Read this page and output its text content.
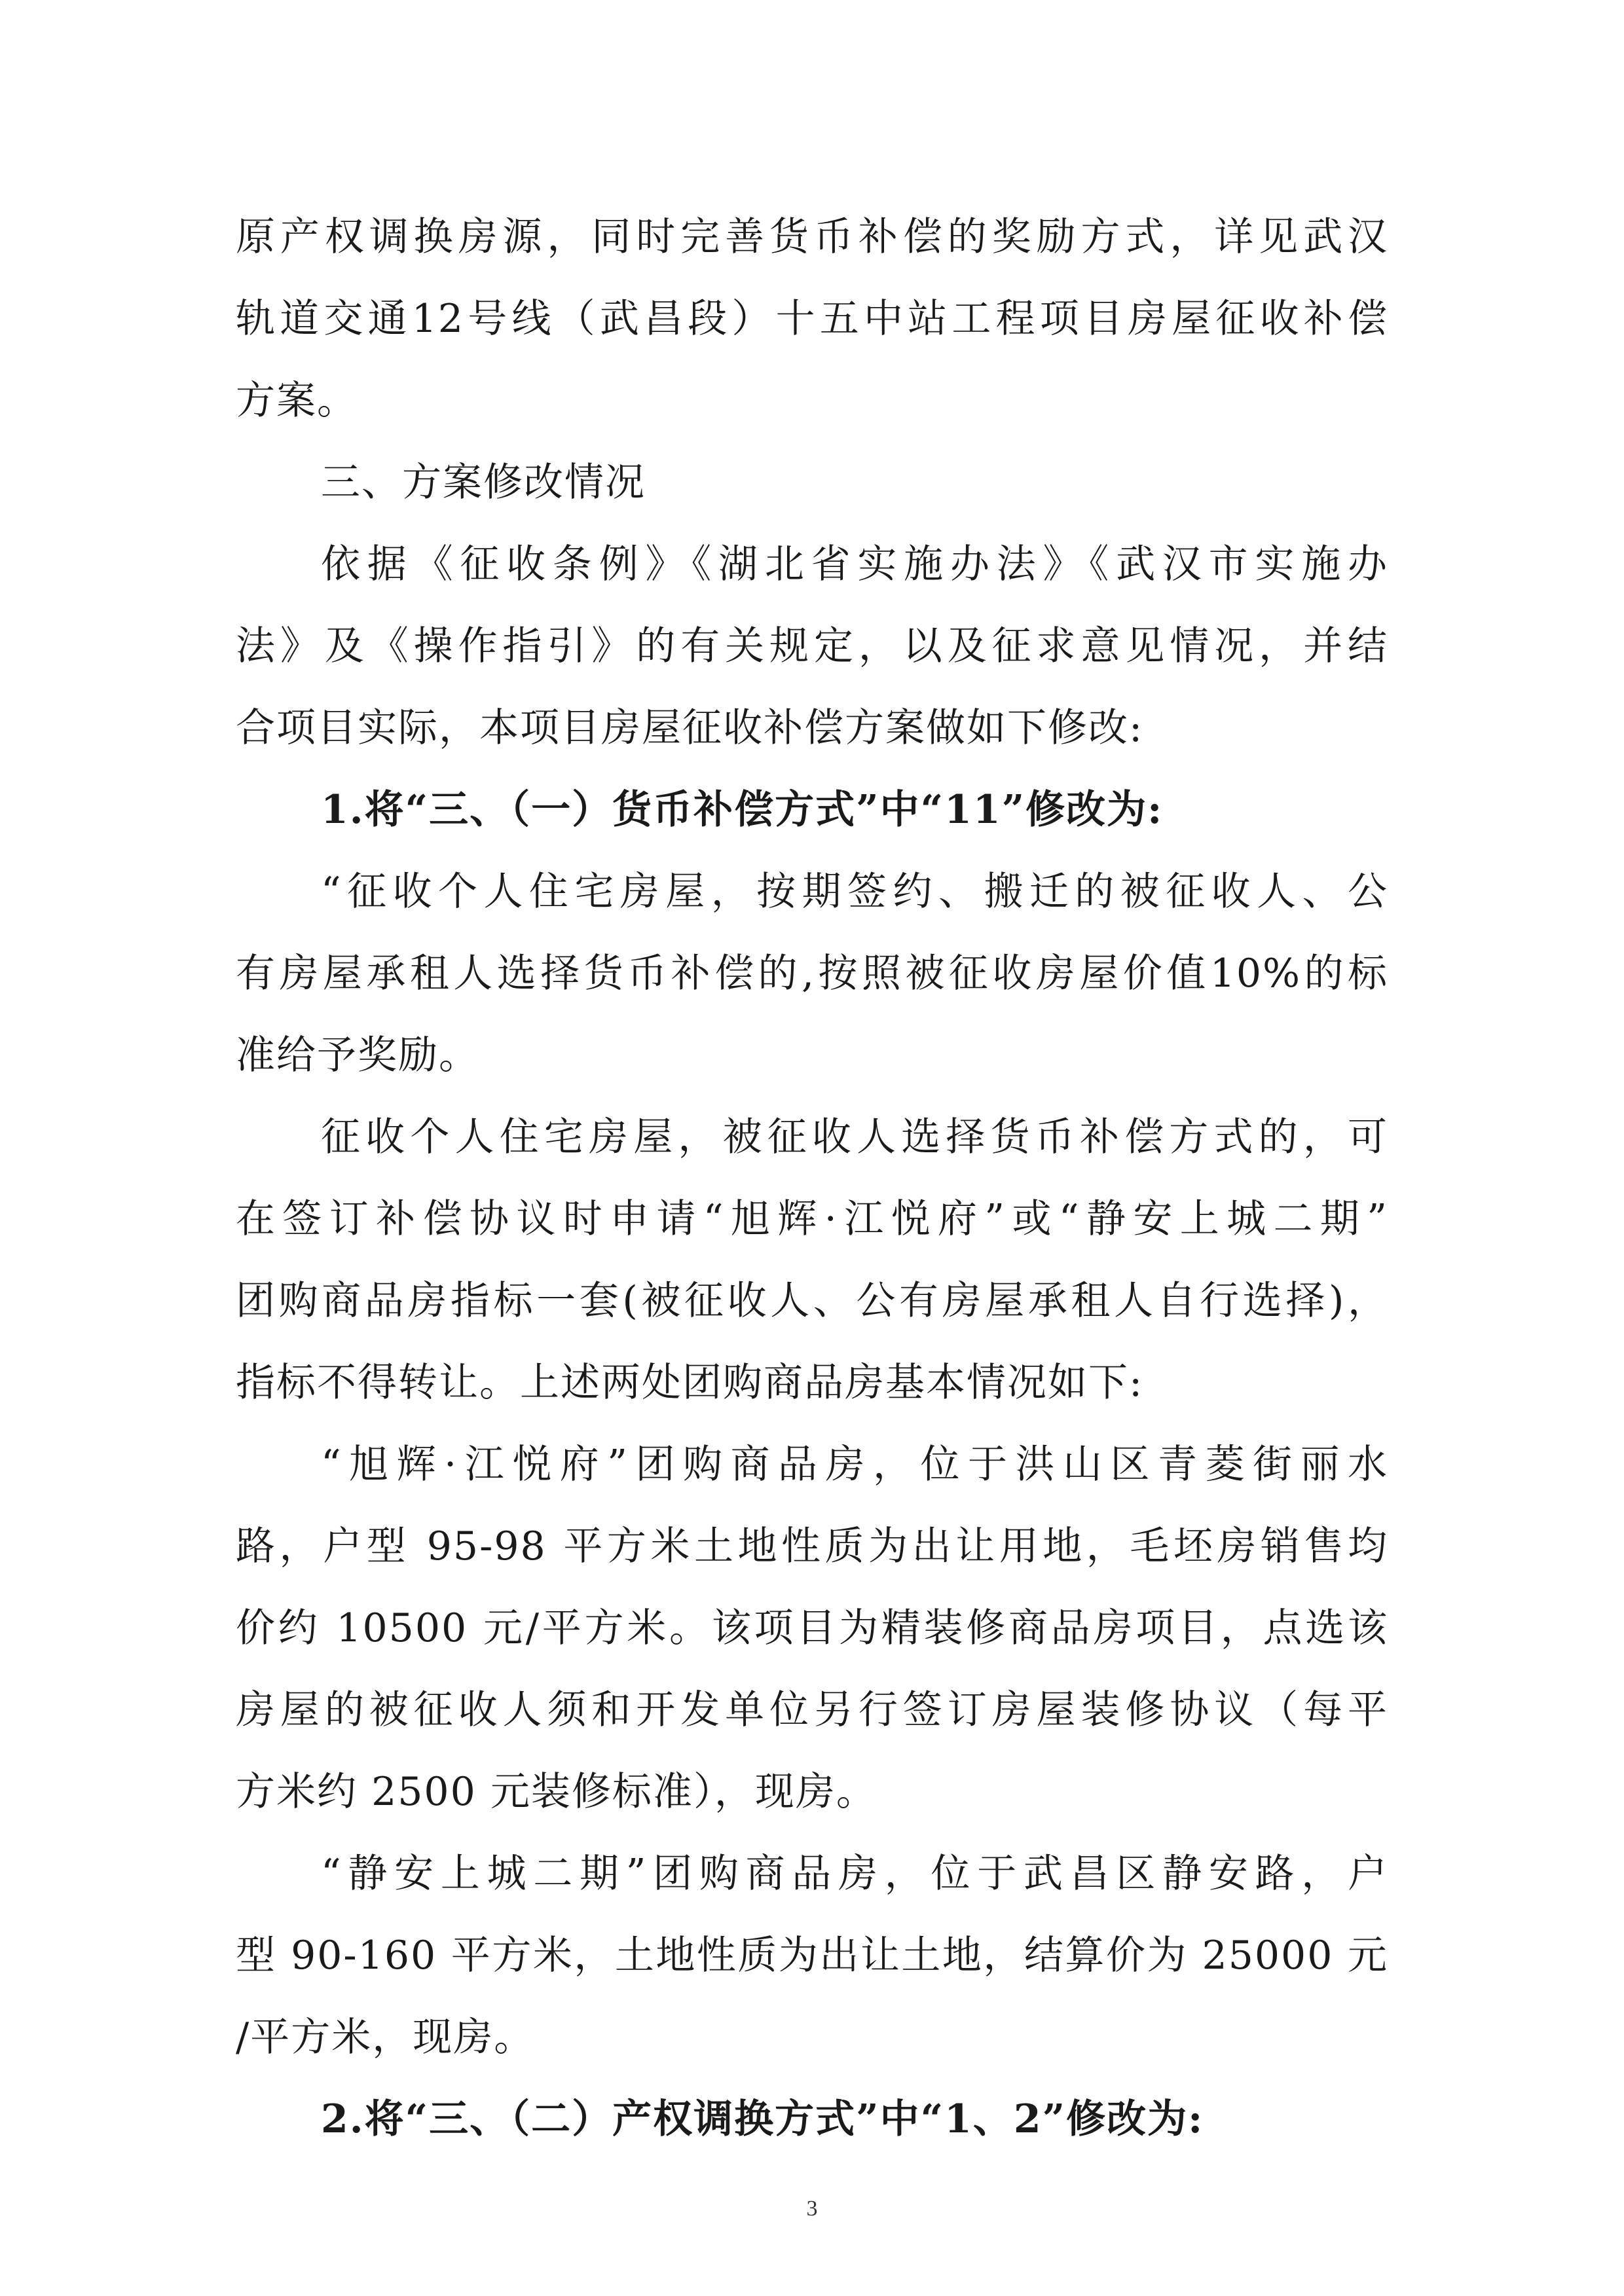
原产权调换房源，同时完善货币补偿的奖励方式，详见武汉
轨道交通12号线（武昌段）十五中站工程项目房屋征收补偿
方案。
三、方案修改情况
依据《征收条例》《湖北省实施办法》《武汉市实施办
法》及《操作指引》的有关规定，以及征求意见情况，并结
合项目实际，本项目房屋征收补偿方案做如下修改:
1.将“三、（一）货币补偿方式”中“11”修改为:
“征收个人住宅房屋，按期签约、搬迁的被征收人、公
有房屋承租人选择货币补偿的,按照被征收房屋价值10%的标
准给予奖励。
征收个人住宅房屋，被征收人选择货币补偿方式的，可
在签订补偿协议时申请“旭辉·江悦府”或“静安上城二期”
团购商品房指标一套(被征收人、公有房屋承租人自行选择)，
指标不得转让。上述两处团购商品房基本情况如下:
“旭辉·江悦府”团购商品房，位于洪山区青菱街丽水
路，户型 95-98 平方米土地性质为出让用地，毛坯房销售均
价约 10500 元/平方米。该项目为精装修商品房项目，点选该
房屋的被征收人须和开发单位另行签订房屋装修协议（每平
方米约 2500 元装修标准），现房。
“静安上城二期”团购商品房，位于武昌区静安路，户
型 90-160 平方米，土地性质为出让土地，结算价为 25000 元
/平方米，现房。
2.将“三、（二）产权调换方式”中“1、2”修改为:
3
